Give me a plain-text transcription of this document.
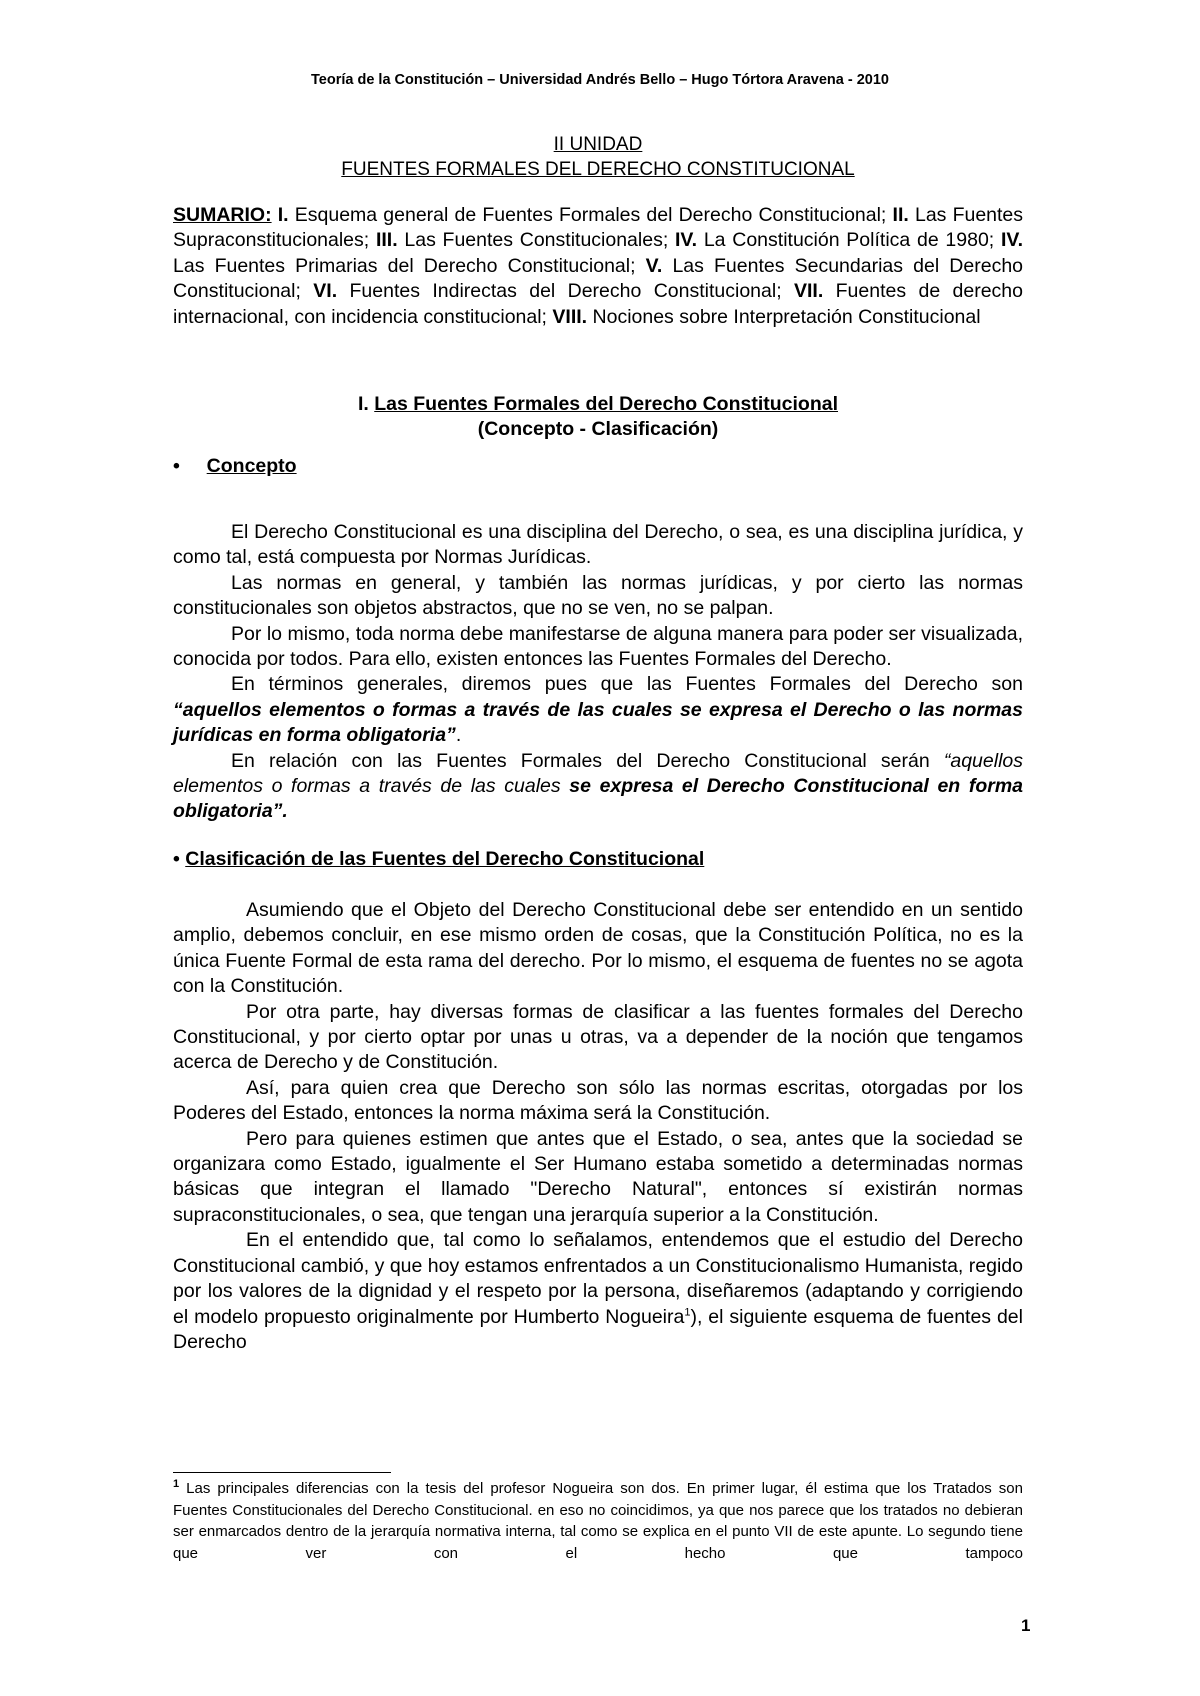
Teoría de la Constitución – Universidad Andrés Bello – Hugo Tórtora Aravena - 2010
II UNIDAD
FUENTES FORMALES DEL DERECHO CONSTITUCIONAL

SUMARIO: I. Esquema general de Fuentes Formales del Derecho Constitucional; II. Las Fuentes Supraconstitucionales; III. Las Fuentes Constitucionales; IV. La Constitución Política de 1980; IV. Las Fuentes Primarias del Derecho Constitucional; V. Las Fuentes Secundarias del Derecho Constitucional; VI. Fuentes Indirectas del Derecho Constitucional; VII. Fuentes de derecho internacional, con incidencia constitucional; VIII. Nociones sobre Interpretación Constitucional

I. Las Fuentes Formales del Derecho Constitucional
(Concepto - Clasificación)
• Concepto

El Derecho Constitucional es una disciplina del Derecho, o sea, es una disciplina jurídica, y como tal, está compuesta por Normas Jurídicas.

Las normas en general, y también las normas jurídicas, y por cierto las normas constitucionales son objetos abstractos, que no se ven, no se palpan.

Por lo mismo, toda norma debe manifestarse de alguna manera para poder ser visualizada, conocida por todos. Para ello, existen entonces las Fuentes Formales del Derecho.

En términos generales, diremos pues que las Fuentes Formales del Derecho son “aquellos elementos o formas a través de las cuales se expresa el Derecho o las normas jurídicas en forma obligatoria”.

En relación con las Fuentes Formales del Derecho Constitucional serán “aquellos elementos o formas a través de las cuales se expresa el Derecho Constitucional en forma obligatoria”.

• Clasificación de las Fuentes del Derecho Constitucional

Asumiendo que el Objeto del Derecho Constitucional debe ser entendido en un sentido amplio, debemos concluir, en ese mismo orden de cosas, que la Constitución Política, no es la única Fuente Formal de esta rama del derecho. Por lo mismo, el esquema de fuentes no se agota con la Constitución.

Por otra parte, hay diversas formas de clasificar a las fuentes formales del Derecho Constitucional, y por cierto optar por unas u otras, va a depender de la noción que tengamos acerca de Derecho y de Constitución.

Así, para quien crea que Derecho son sólo las normas escritas, otorgadas por los Poderes del Estado, entonces la norma máxima será la Constitución.

Pero para quienes estimen que antes que el Estado, o sea, antes que la sociedad se organizara como Estado, igualmente el Ser Humano estaba sometido a determinadas normas básicas que integran el llamado "Derecho Natural", entonces sí existirán normas supraconstitucionales, o sea, que tengan una jerarquía superior a la Constitución.

En el entendido que, tal como lo señalamos, entendemos que el estudio del Derecho Constitucional cambió, y que hoy estamos enfrentados a un Constitucionalismo Humanista, regido por los valores de la dignidad y el respeto por la persona, diseñaremos (adaptando y corrigiendo el modelo propuesto originalmente por Humberto Nogueira$^1$), el siguiente esquema de fuentes del Derecho

$^1$ Las principales diferencias con la tesis del profesor Nogueira son dos. En primer lugar, él estima que los Tratados son Fuentes Constitucionales del Derecho Constitucional. en eso no coincidimos, ya que nos parece que los tratados no debieran ser enmarcados dentro de la jerarquía normativa interna, tal como se explica en el punto VII de este apunte. Lo segundo tiene que ver con el hecho que tampoco

1
